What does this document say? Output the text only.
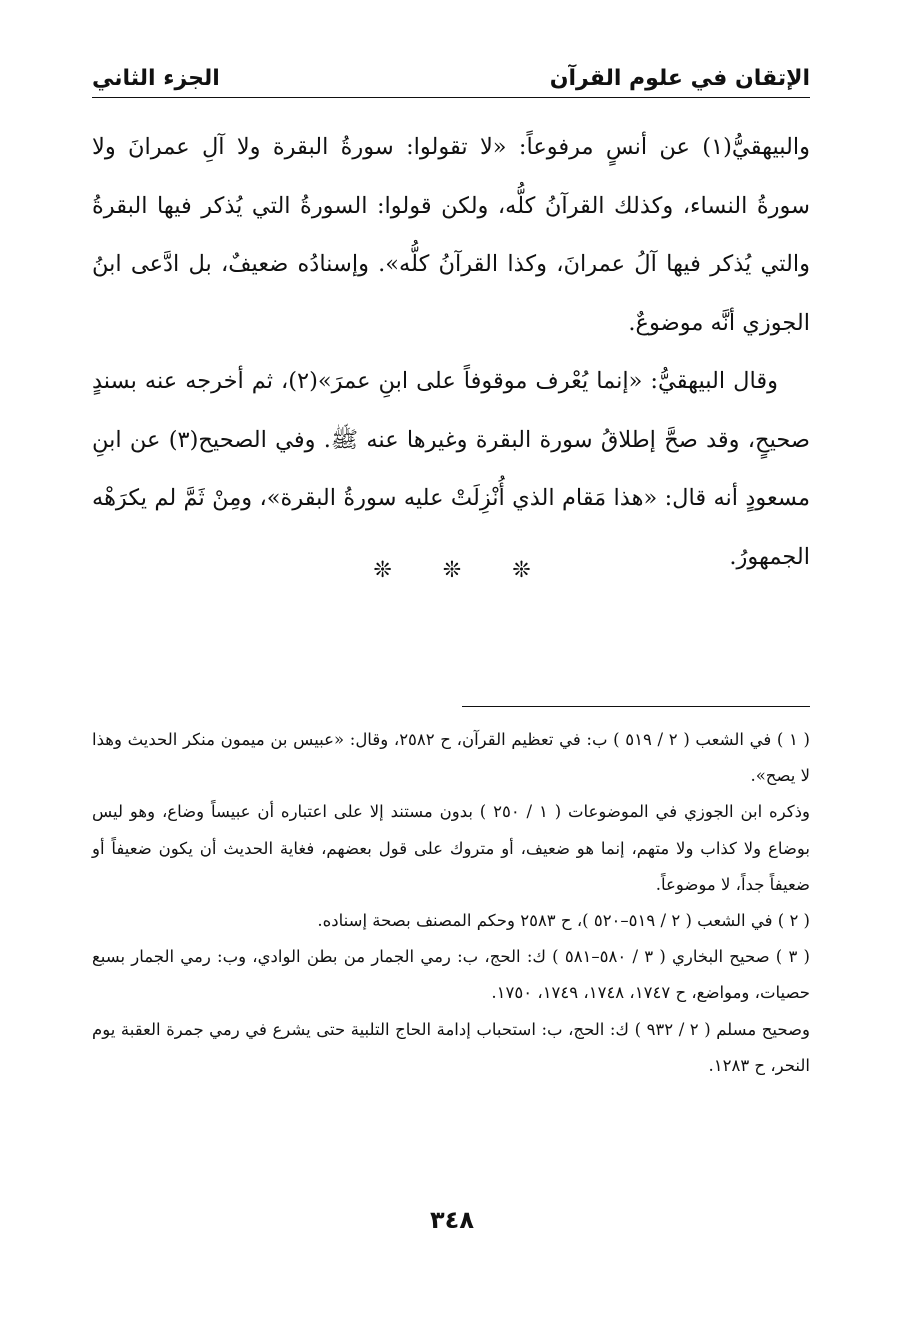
الإتقان في علوم القرآن
الجزء الثاني

والبيهقيُّ(١) عن أنسٍ مرفوعاً: «لا تقولوا: سورةُ البقرة ولا آلِ عمرانَ ولا سورةُ النساء، وكذلك القرآنُ كلُّه، ولكن قولوا: السورةُ التي يُذكر فيها البقرةُ والتي يُذكر فيها آلُ عمرانَ، وكذا القرآنُ كلُّه». وإسنادُه ضعيفٌ، بل ادَّعى ابنُ الجوزي أنَّه موضوعٌ.

وقال البيهقيُّ: «إنما يُعْرف موقوفاً على ابنِ عمرَ»(٢)، ثم أخرجه عنه بسندٍ صحيحٍ، وقد صحَّ إطلاقُ سورة البقرة وغيرها عنه ﷺ. وفي الصحيح(٣) عن ابنِ مسعودٍ أنه قال: «هذا مَقام الذي أُنْزِلَتْ عليه سورةُ البقرة»، ومِنْ ثَمَّ لم يكرَهْه الجمهورُ.

❊ ❊ ❊

( ١ ) في الشعب ( ٢ / ٥١٩ ) ب: في تعظيم القرآن، ح ٢٥٨٢، وقال: «عبيس بن ميمون منكر الحديث وهذا لا يصح».

وذكره ابن الجوزي في الموضوعات ( ١ / ٢٥٠ ) بدون مستند إلا على اعتباره أن عبيساً وضاع، وهو ليس بوضاع ولا كذاب ولا متهم، إنما هو ضعيف، أو متروك على قول بعضهم، فغاية الحديث أن يكون ضعيفاً أو ضعيفاً جداً، لا موضوعاً.

( ٢ ) في الشعب ( ٢ / ٥١٩–٥٢٠ )، ح ٢٥٨٣ وحكم المصنف بصحة إسناده.

( ٣ ) صحيح البخاري ( ٣ / ٥٨٠–٥٨١ ) ك: الحج، ب: رمي الجمار من بطن الوادي، وب: رمي الجمار بسبع حصيات، ومواضع، ح ١٧٤٧، ١٧٤٨، ١٧٤٩، ١٧٥٠.

وصحيح مسلم ( ٢ / ٩٣٢ ) ك: الحج، ب: استحباب إدامة الحاج التلبية حتى يشرع في رمي جمرة العقبة يوم النحر، ح ١٢٨٣.

٣٤٨
